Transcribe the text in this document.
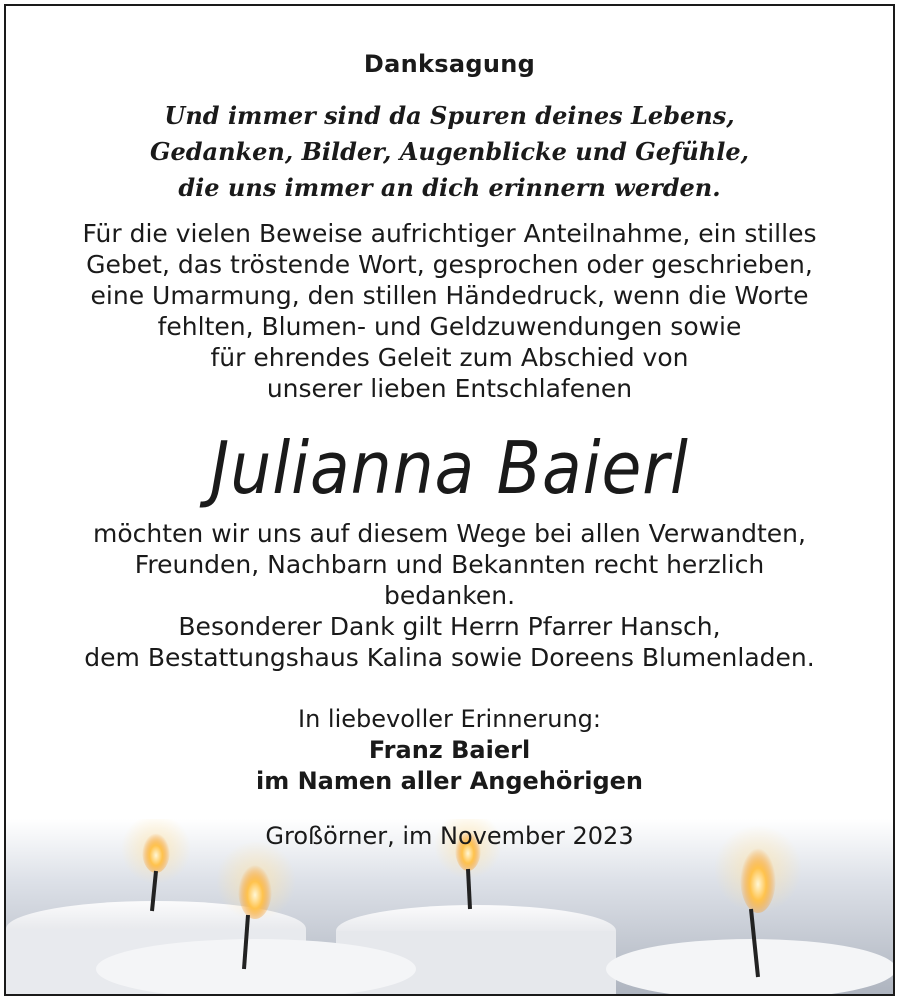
Danksagung
Und immer sind da Spuren deines Lebens,
Gedanken, Bilder, Augenblicke und Gefühle,
die uns immer an dich erinnern werden.
Für die vielen Beweise aufrichtiger Anteilnahme, ein stilles
Gebet, das tröstende Wort, gesprochen oder geschrieben,
eine Umarmung, den stillen Händedruck, wenn die Worte
fehlten, Blumen- und Geldzuwendungen sowie
für ehrendes Geleit zum Abschied von
unserer lieben Entschlafenen
Julianna Baierl
möchten wir uns auf diesem Wege bei allen Verwandten,
Freunden, Nachbarn und Bekannten recht herzlich
bedanken.
Besonderer Dank gilt Herrn Pfarrer Hansch,
dem Bestattungshaus Kalina sowie Doreens Blumenladen.
In liebevoller Erinnerung:
Franz Baierl
im Namen aller Angehörigen
Großörner, im November 2023
